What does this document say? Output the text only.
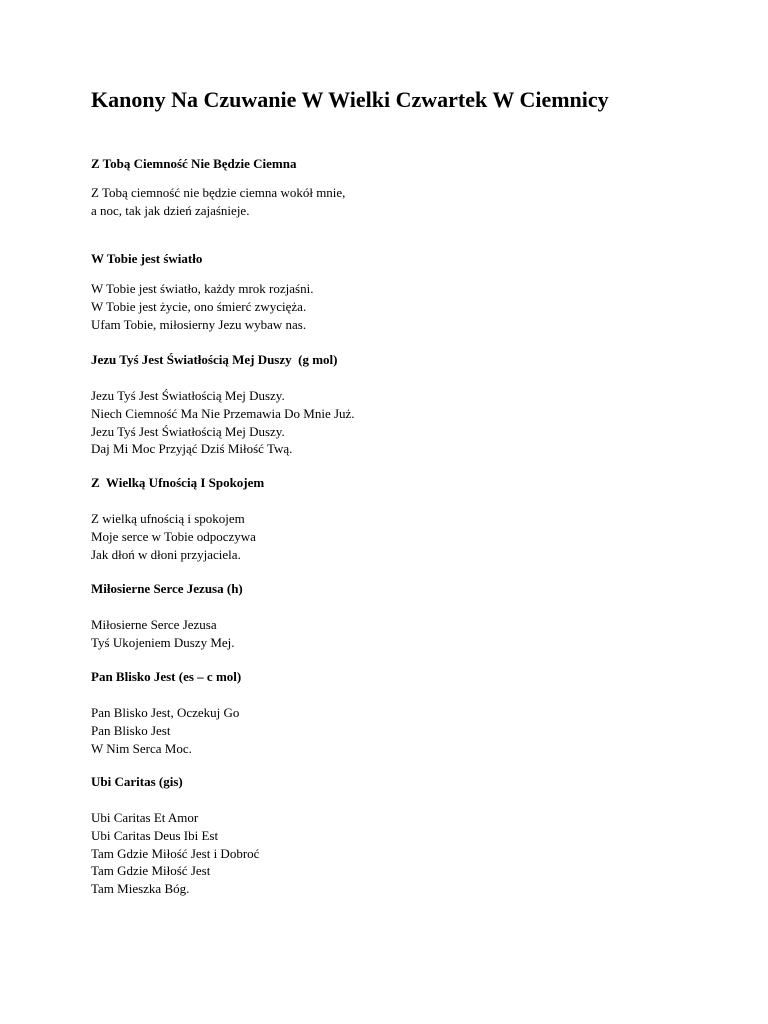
Kanony Na Czuwanie W Wielki Czwartek W Ciemnicy
Z Tobą Ciemność Nie Będzie Ciemna
Z Tobą ciemność nie będzie ciemna wokół mnie,
a noc, tak jak dzień zajaśnieje.
W Tobie jest światło
W Tobie jest światło, każdy mrok rozjaśni.
W Tobie jest życie, ono śmierć zwycięża.
Ufam Tobie, miłosierny Jezu wybaw nas.
Jezu Tyś Jest Światłością Mej Duszy  (g mol)
Jezu Tyś Jest Światłością Mej Duszy.
Niech Ciemność Ma Nie Przemawia Do Mnie Już.
Jezu Tyś Jest Światłością Mej Duszy.
Daj Mi Moc Przyjąć Dziś Miłość Twą.
Z  Wielką Ufnością I Spokojem
Z wielką ufnością i spokojem
Moje serce w Tobie odpoczywa
Jak dłoń w dłoni przyjaciela.
Miłosierne Serce Jezusa (h)
Miłosierne Serce Jezusa
Tyś Ukojeniem Duszy Mej.
Pan Blisko Jest (es – c mol)
Pan Blisko Jest, Oczekuj Go
Pan Blisko Jest
W Nim Serca Moc.
Ubi Caritas (gis)
Ubi Caritas Et Amor
Ubi Caritas Deus Ibi Est
Tam Gdzie Miłość Jest i Dobroć
Tam Gdzie Miłość Jest
Tam Mieszka Bóg.
